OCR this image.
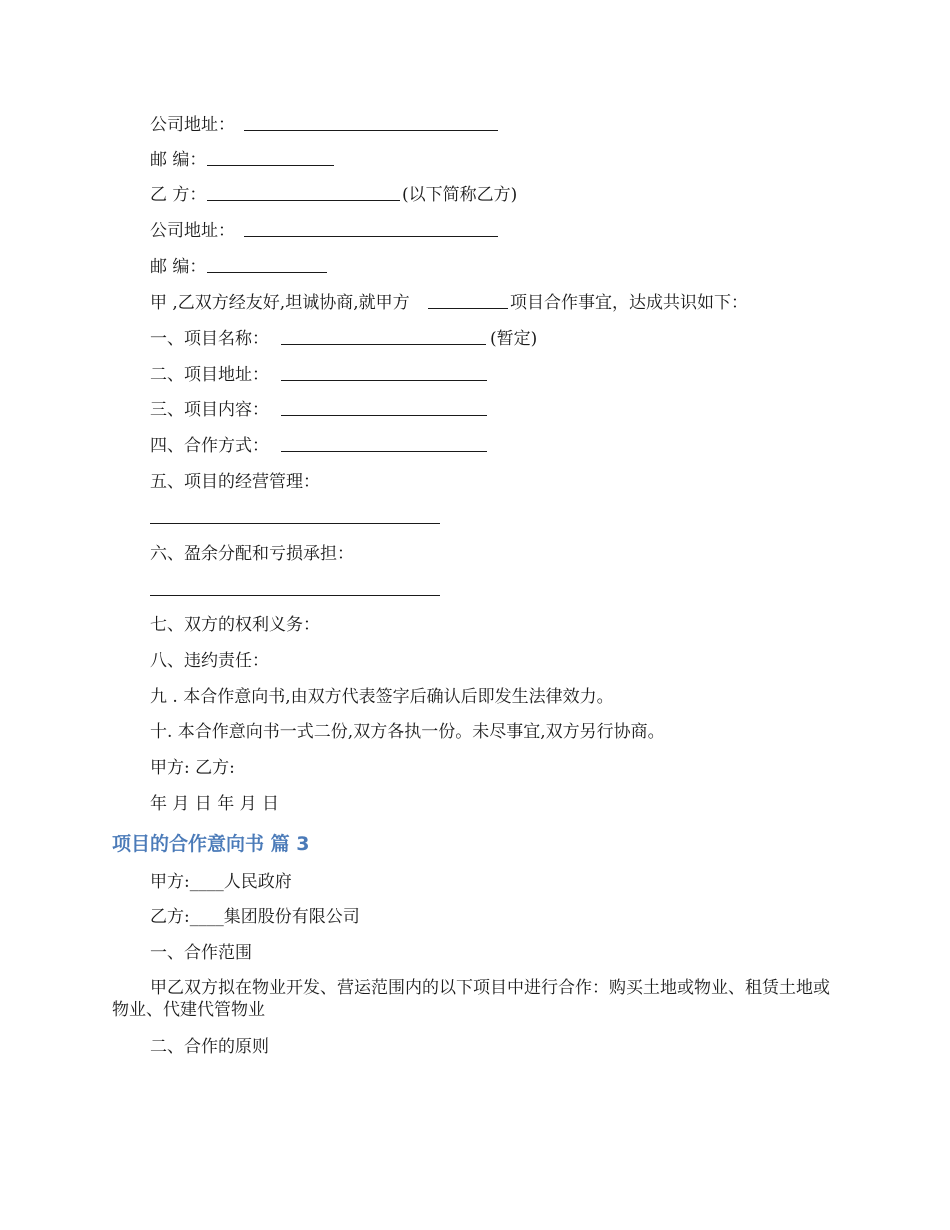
公司地址：
邮 编：
乙 方：	(以下简称乙方)
公司地址：
邮 编：
甲 ,乙双方经友好,坦诚协商,就甲方	项目合作事宜，达成共识如下：
一、项目名称：	(暂定)
二、项目地址：
三、项目内容：
四、合作方式：
五、项目的经营管理：
六、盈余分配和亏损承担：
七、双方的权利义务：
八、违约责任：
九 . 本合作意向书,由双方代表签字后确认后即发生法律效力。
十. 本合作意向书一式二份,双方各执一份。未尽事宜,双方另行协商。
甲方: 乙方:
年 月 日 年 月 日
项目的合作意向书 篇 3
甲方:____人民政府
乙方:____集团股份有限公司
一、合作范围
甲乙双方拟在物业开发、营运范围内的以下项目中进行合作：购买土地或物业、租赁土地或物业、代建代管物业
二、合作的原则
